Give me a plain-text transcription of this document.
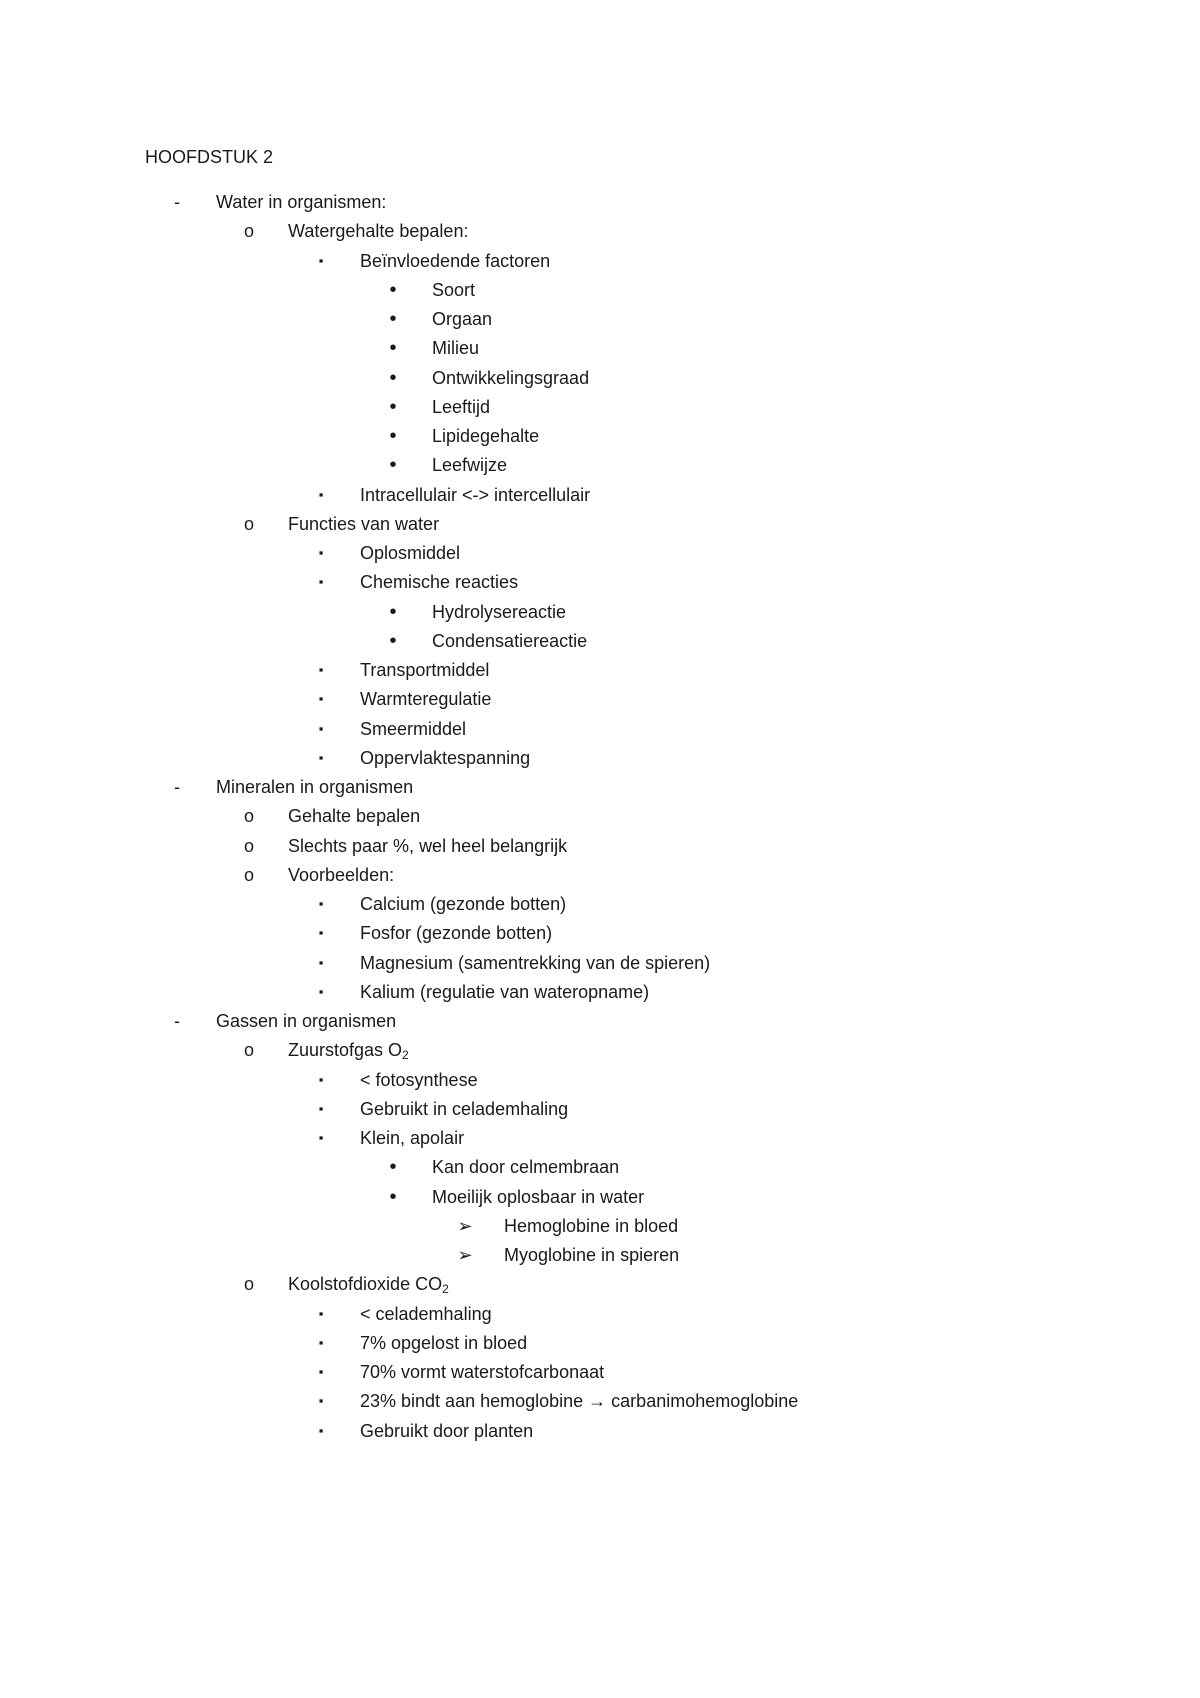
HOOFDSTUK 2
-	Water in organismen:
o Watergehalte bepalen:
▪	Beïnvloedende factoren
•	Soort
•	Orgaan
•	Milieu
•	Ontwikkelingsgraad
•	Leeftijd
•	Lipidegehalte
•	Leefwijze
▪	Intracellulair <-> intercellulair
o Functies van water
▪	Oplosmiddel
▪	Chemische reacties
•	Hydrolysereactie
•	Condensatiereactie
▪	Transportmiddel
▪	Warmteregulatie
▪	Smeermiddel
▪	Oppervlaktespanning
-	Mineralen in organismen
o Gehalte bepalen
o Slechts paar %, wel heel belangrijk
o Voorbeelden:
▪	Calcium (gezonde botten)
▪	Fosfor (gezonde botten)
▪	Magnesium (samentrekking van de spieren)
▪	Kalium (regulatie van wateropname)
-	Gassen in organismen
o Zuurstofgas $O_2$
▪	< fotosynthese
▪	Gebruikt in celademhaling
▪	Klein, apolair
•	Kan door celmembraan
•	Moeilijk oplosbaar in water
➢ Hemoglobine in bloed
➢ Myoglobine in spieren
o Koolstofdioxide $CO_2$
▪	< celademhaling
▪	7% opgelost in bloed
▪	70% vormt waterstofcarbonaat
▪	23% bindt aan hemoglobine → carbanimohemoglobine
▪	Gebruikt door planten
